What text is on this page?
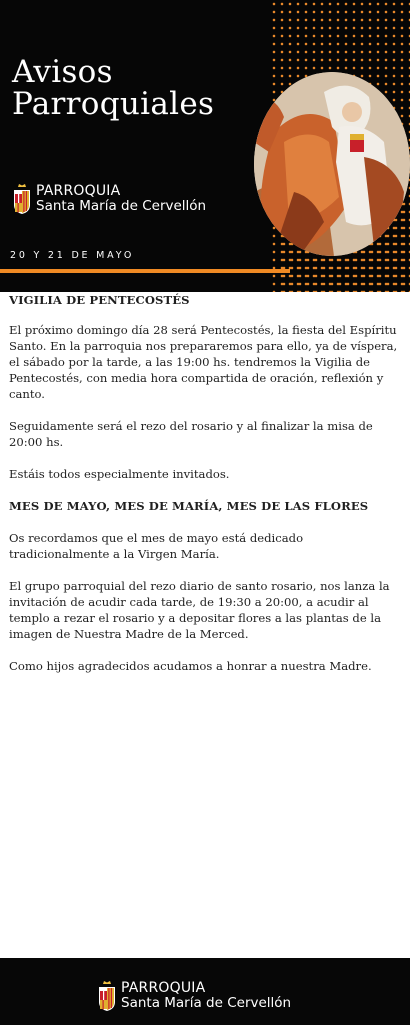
Avisos
Parroquiales
PARROQUIA
Santa María de Cervellón
20 Y 21 DE MAYO
VIGILIA DE PENTECOSTÉS

El próximo domingo día 28 será Pentecostés, la fiesta del Espíritu Santo. En la parroquia nos prepararemos para ello, ya de víspera, el sábado por la tarde, a las 19:00 hs. tendremos la Vigilia de Pentecostés, con media hora compartida de oración, reflexión y canto.

Seguidamente será el rezo del rosario y al finalizar la misa de 20:00 hs.

Estáis todos especialmente invitados.

MES DE MAYO, MES DE MARÍA, MES DE LAS FLORES

Os recordamos que el mes de mayo está dedicado tradicionalmente a la Virgen María.

El grupo parroquial del rezo diario de santo rosario, nos lanza la invitación de acudir cada tarde, de 19:30 a 20:00, a acudir al templo a rezar el rosario y a depositar flores a las plantas de la imagen de Nuestra Madre de la Merced.

Como hijos agradecidos acudamos a honrar a nuestra Madre.

PARROQUIA
Santa María de Cervellón
